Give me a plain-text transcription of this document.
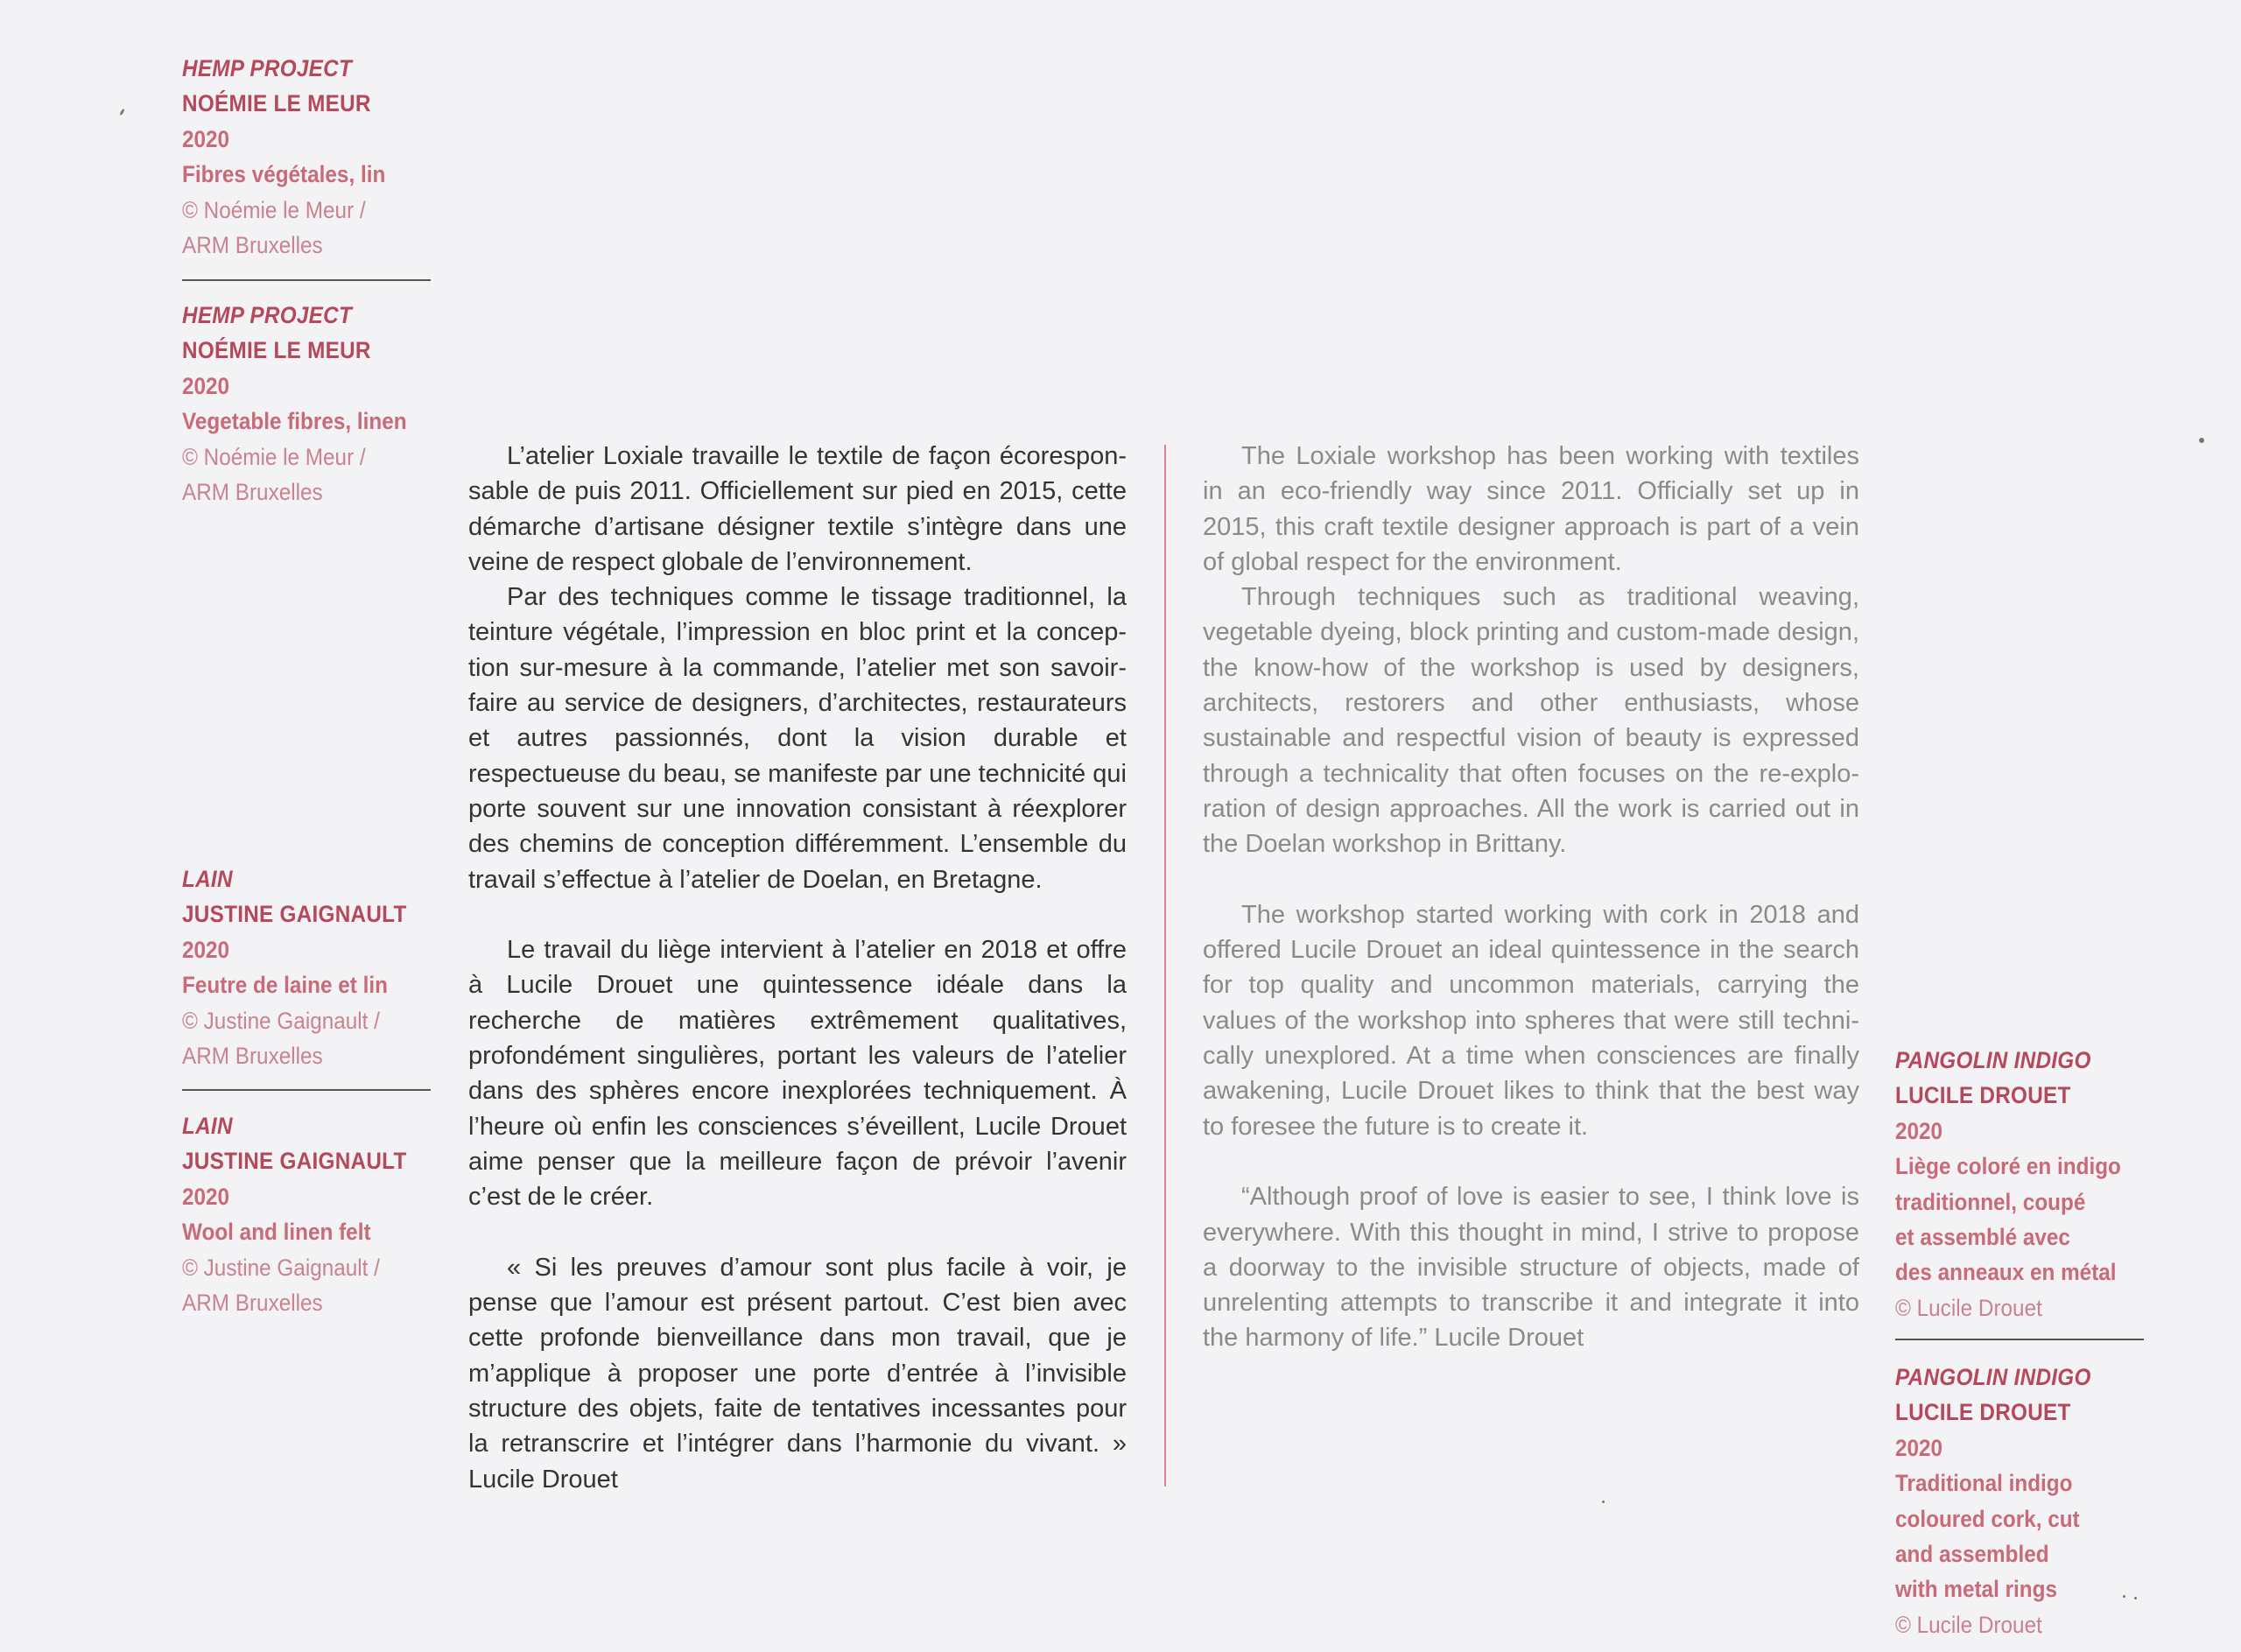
HEMP PROJECT
NOÉMIE LE MEUR
2020
Fibres végétales, lin
© Noémie le Meur /
ARM Bruxelles
HEMP PROJECT
NOÉMIE LE MEUR
2020
Vegetable fibres, linen
© Noémie le Meur /
ARM Bruxelles
LAIN
JUSTINE GAIGNAULT
2020
Feutre de laine et lin
© Justine Gaignault /
ARM Bruxelles
LAIN
JUSTINE GAIGNAULT
2020
Wool and linen felt
© Justine Gaignault /
ARM Bruxelles

L’atelier Loxiale travaille le textile de façon écoresponsable de puis 2011. Officiellement sur pied en 2015, cette démarche d’artisane désigner textile s’intègre dans une veine de respect globale de l’environnement.

Par des techniques comme le tissage traditionnel, la teinture végétale, l’impression en bloc print et la conception sur-mesure à la commande, l’atelier met son savoir-faire au service de designers, d’architectes, restaurateurs et autres passionnés, dont la vision durable et respectueuse du beau, se manifeste par une technicité qui porte souvent sur une innovation consistant à réexplorer des chemins de conception différemment. L’ensemble du travail s’effectue à l’atelier de Doelan, en Bretagne.

Le travail du liège intervient à l’atelier en 2018 et offre à Lucile Drouet une quintessence idéale dans la recherche de matières extrêmement qualitatives, profondément singulières, portant les valeurs de l’atelier dans des sphères encore inexplorées techniquement. À l’heure où enfin les consciences s’éveillent, Lucile Drouet aime penser que la meilleure façon de prévoir l’avenir c’est de le créer.

« Si les preuves d’amour sont plus facile à voir, je pense que l’amour est présent partout. C’est bien avec cette profonde bienveillance dans mon travail, que je m’applique à proposer une porte d’entrée à l’invisible structure des objets, faite de tentatives incessantes pour la retranscrire et l’intégrer dans l’harmonie du vivant. » Lucile Drouet

The Loxiale workshop has been working with textiles in an eco-friendly way since 2011. Officially set up in 2015, this craft textile designer approach is part of a vein of global respect for the environment.

Through techniques such as traditional weaving, vegetable dyeing, block printing and custom-made design, the know-how of the workshop is used by designers, architects, restorers and other enthusiasts, whose sustainable and respectful vision of beauty is expressed through a technicality that often focuses on the re-exploration of design approaches. All the work is carried out in the Doelan workshop in Brittany.

The workshop started working with cork in 2018 and offered Lucile Drouet an ideal quintessence in the search for top quality and uncommon materials, carrying the values of the workshop into spheres that were still technically unexplored. At a time when consciences are finally awakening, Lucile Drouet likes to think that the best way to foresee the future is to create it.

“Although proof of love is easier to see, I think love is everywhere. With this thought in mind, I strive to propose a doorway to the invisible structure of objects, made of unrelenting attempts to transcribe it and integrate it into the harmony of life.” Lucile Drouet

PANGOLIN INDIGO
LUCILE DROUET
2020
Liège coloré en indigo
traditionnel, coupé
et assemblé avec
des anneaux en métal
© Lucile Drouet
PANGOLIN INDIGO
LUCILE DROUET
2020
Traditional indigo
coloured cork, cut
and assembled
with metal rings
© Lucile Drouet
